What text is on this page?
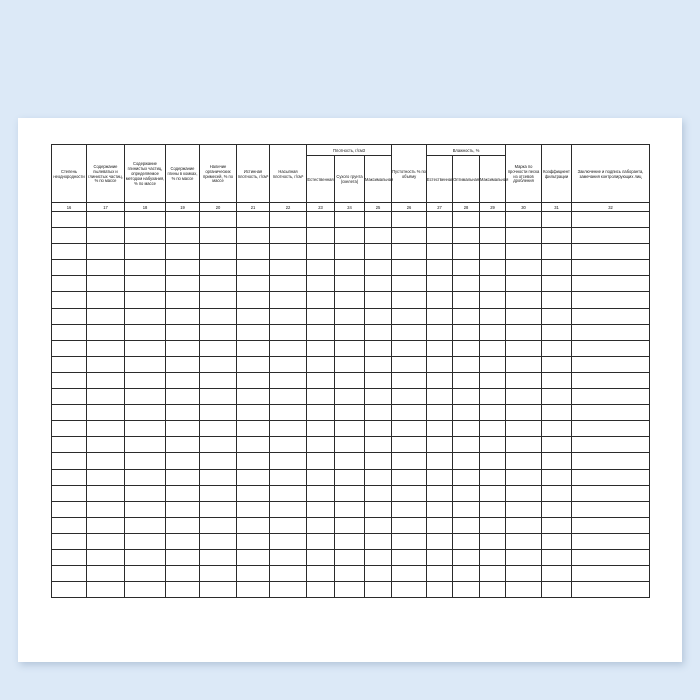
Степень неоднородности	Содержание пылеватых и глинистых частиц, % по массе	Содержание глинистых частиц, определяемое методом набухания, % по массе	Содержание глины в комках, % по массе	Наличие органических примесей, % по массе	Истинная плотность, г/см³	Насыпная плотность, г/см³	Плотность, г/см3			Пустотность % по объёму	Влажность, %			Марка по прочности песка из отсевов дробления	Коэффициент фильтрации	Заключение и подпись лаборанта, замечания контролирующих лиц
							Естественная	Сухого грунта (скелета)	Максимальная		Естественная	Оптимальная	Максимальная			
16	17	18	19	20	21	22	23	24	25	26	27	28	29	30	31	32
